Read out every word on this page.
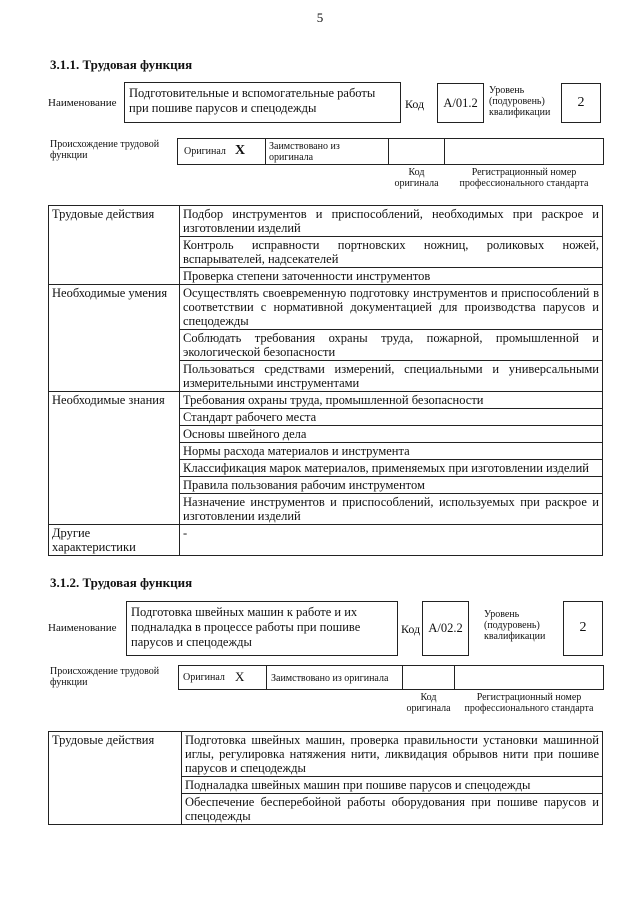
5
3.1.1. Трудовая функция
Наименование
Подготовительные и вспомогательные работы
при пошиве парусов и спецодежды	Код	A/01.2
Уровень
(подуровень)
квалификации
2
Происхождение трудовой
функции	Оригинал X Заимствовано из
оригинала
Код
оригинала
Регистрационный номер
профессионального стандарта
Трудовые действия	Подбор инструментов и приспособлений, необходимых при раскрое и изготовлении изделий
	Контроль исправности портновских ножниц, роликовых ножей, вспарывателей, надсекателей
	Проверка степени заточенности инструментов
Необходимые умения	Осуществлять своевременную подготовку инструментов и приспособлений в соответствии с нормативной документацией для производства парусов и спецодежды
	Соблюдать требования охраны труда, пожарной, промышленной и экологической безопасности
	Пользоваться средствами измерений, специальными и универсальными измерительными инструментами
Необходимые знания	Требования охраны труда, промышленной безопасности
	Стандарт рабочего места
	Основы швейного дела
	Нормы расхода материалов и инструмента
	Классификация марок материалов, применяемых при изготовлении изделий
	Правила пользования рабочим инструментом
	Назначение инструментов и приспособлений, используемых при раскрое и изготовлении изделий
Другие характеристики	-
3.1.2. Трудовая функция
Наименование
Подготовка швейных машин к работе и их
подналадка в процессе работы при пошиве
парусов и спецодежды
Код A/02.2
Уровень
(подуровень)
квалификации
2
Происхождение трудовой
функции	Оригинал X	Заимствовано из оригинала
Код
оригинала
Регистрационный номер
профессионального стандарта
Трудовые действия	Подготовка швейных машин, проверка правильности установки машинной иглы, регулировка натяжения нити, ликвидация обрывов нити при пошиве парусов и спецодежды
Подналадка швейных машин при пошиве парусов и спецодежды
Обеспечение бесперебойной работы оборудования при пошиве парусов и спецодежды
